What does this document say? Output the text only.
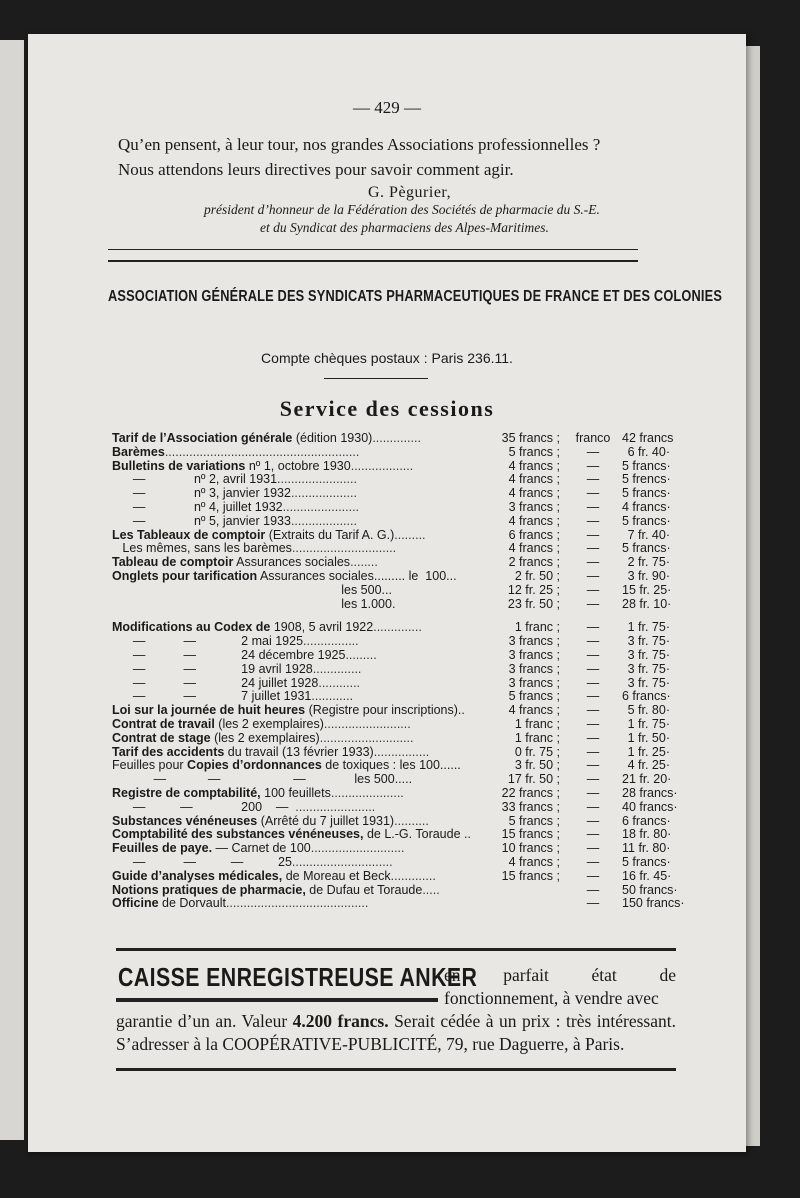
— 429 —
Qu’en pensent, à leur tour, nos grandes Associations professionnelles ?
Nous attendons leurs directives pour savoir comment agir.
G. Pègurier,
président d’honneur de la Fédération des Sociétés de pharmacie du S.-E.
et du Syndicat des pharmaciens des Alpes-Maritimes.
ASSOCIATION GÉNÉRALE DES SYNDICATS PHARMACEUTIQUES DE FRANCE ET DES COLONIES
Compte chèques postaux : Paris 236.11.
Service des cessions
Tarif de l’Association générale (édition 1930)..............	35 francs ;	franco 42 francs
Barèmes........................................................	5 francs ;	— 6 fr. 40·
Bulletins de variations nº 1, octobre 1930..................	4 francs ;	— 5 francs·
—              nº 2, avril 1931.......................	4 francs ;	— 5 frencs·
—              nº 3, janvier 1932...................	4 francs ;	— 5 francs·
—              nº 4, juillet 1932......................	3 francs ;	— 4 francs·
—              nº 5, janvier 1933...................	4 francs ;	— 5 francs·
Les Tableaux de comptoir (Extraits du Tarif A. G.).........	6 francs ;	— 7 fr. 40·
Les mêmes, sans les barèmes..............................	4 francs ;	— 5 francs·
Tableau de comptoir Assurances sociales........	2 francs ;	— 2 fr. 75·
Onglets pour tarification Assurances sociales......... le  100...	2 fr. 50 ;	— 3 fr. 90·
les 500...	12 fr. 25 ;	— 15 fr. 25·
les 1.000.	23 fr. 50 ;	— 28 fr. 10·
Modifications au Codex de 1908, 5 avril 1922..............	1 franc ;	— 1 fr. 75·
—           —             2 mai 1925................	3 francs ;	— 3 fr. 75·
—           —             24 décembre 1925.........	3 francs ;	— 3 fr. 75·
—           —             19 avril 1928..............	3 francs ;	— 3 fr. 75·
—           —             24 juillet 1928............	3 francs ;	— 3 fr. 75·
—           —             7 juillet 1931............	5 francs ;	— 6 francs·
Loi sur la journée de huit heures (Registre pour inscriptions)..	4 francs ;	— 5 fr. 80·
Contrat de travail (les 2 exemplaires).........................	1 franc ;	— 1 fr. 75·
Contrat de stage (les 2 exemplaires)...........................	1 franc ;	— 1 fr. 50·
Tarif des accidents du travail (13 février 1933)................	0 fr. 75 ;	— 1 fr. 25·
Feuilles pour Copies d’ordonnances de toxiques : les 100......	3 fr. 50 ;	— 4 fr. 25·
—            —                     —              les 500.....	17 fr. 50 ;	— 21 fr. 20·
Registre de comptabilité, 100 feuillets.....................	22 francs ;	— 28 francs·
—          —              200    —  .......................	33 francs ;	— 40 francs·
Substances vénéneuses (Arrêté du 7 juillet 1931)..........	5 francs ;	— 6 francs·
Comptabilité des substances vénéneuses, de L.-G. Toraude .. 15 francs ;	— 18 fr. 80·
Feuilles de paye. — Carnet de 100...........................	10 francs ;	— 11 fr. 80·
—           —          —          25.............................	4 francs ;	— 5 francs·
Guide d’analyses médicales, de Moreau et Beck.............	15 francs ;	— 16 fr. 45·
Notions pratiques de pharmacie, de Dufau et Toraude.....	— 50 francs·
Officine de Dorvault.........................................	— 150 francs·
CAISSE ENREGISTREUSE ANKER
en parfait état de fonctionnement, à vendre avec
garantie d’un an. Valeur 4.200 francs. Serait cédée à un prix : très intéressant. S’adresser à la COOPÉRATIVE-PUBLICITÉ, 79, rue Daguerre, à Paris.
